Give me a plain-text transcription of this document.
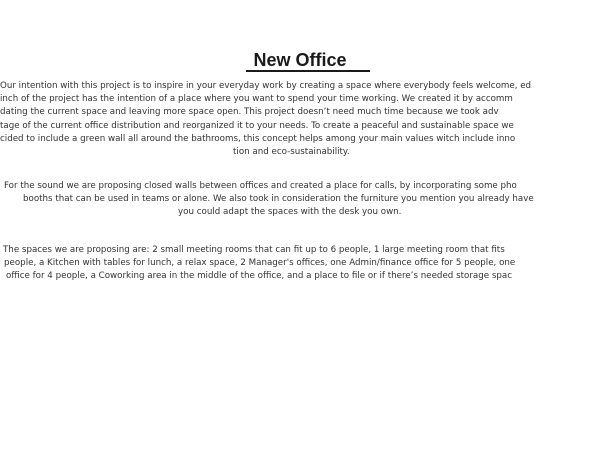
New Office
Our intention with this project is to inspire in your everyday work by creating a space where everybody feels welcome, ed
inch of the project has the intention of a place where you want to spend your time working. We created it by accomm
dating the current space and leaving more space open. This project doesn’t need much time because we took adv
tage of the current office distribution and reorganized it to your needs. To create a peaceful and sustainable space we
cided to include a green wall all around the bathrooms, this concept helps among your main values witch include inno
tion and eco-sustainability.
For the sound we are proposing closed walls between offices and created a place for calls, by incorporating some pho
booths that can be used in teams or alone. We also took in consideration the furniture you mention you already have
you could adapt the spaces with the desk you own.
The spaces we are proposing are: 2 small meeting rooms that can fit up to 6 people, 1 large meeting room that fits
people, a Kitchen with tables for lunch, a relax space, 2 Manager's offices, one Admin/finance office for 5 people, one
office for 4 people, a Coworking area in the middle of the office, and a place to file or if there’s needed storage spac
